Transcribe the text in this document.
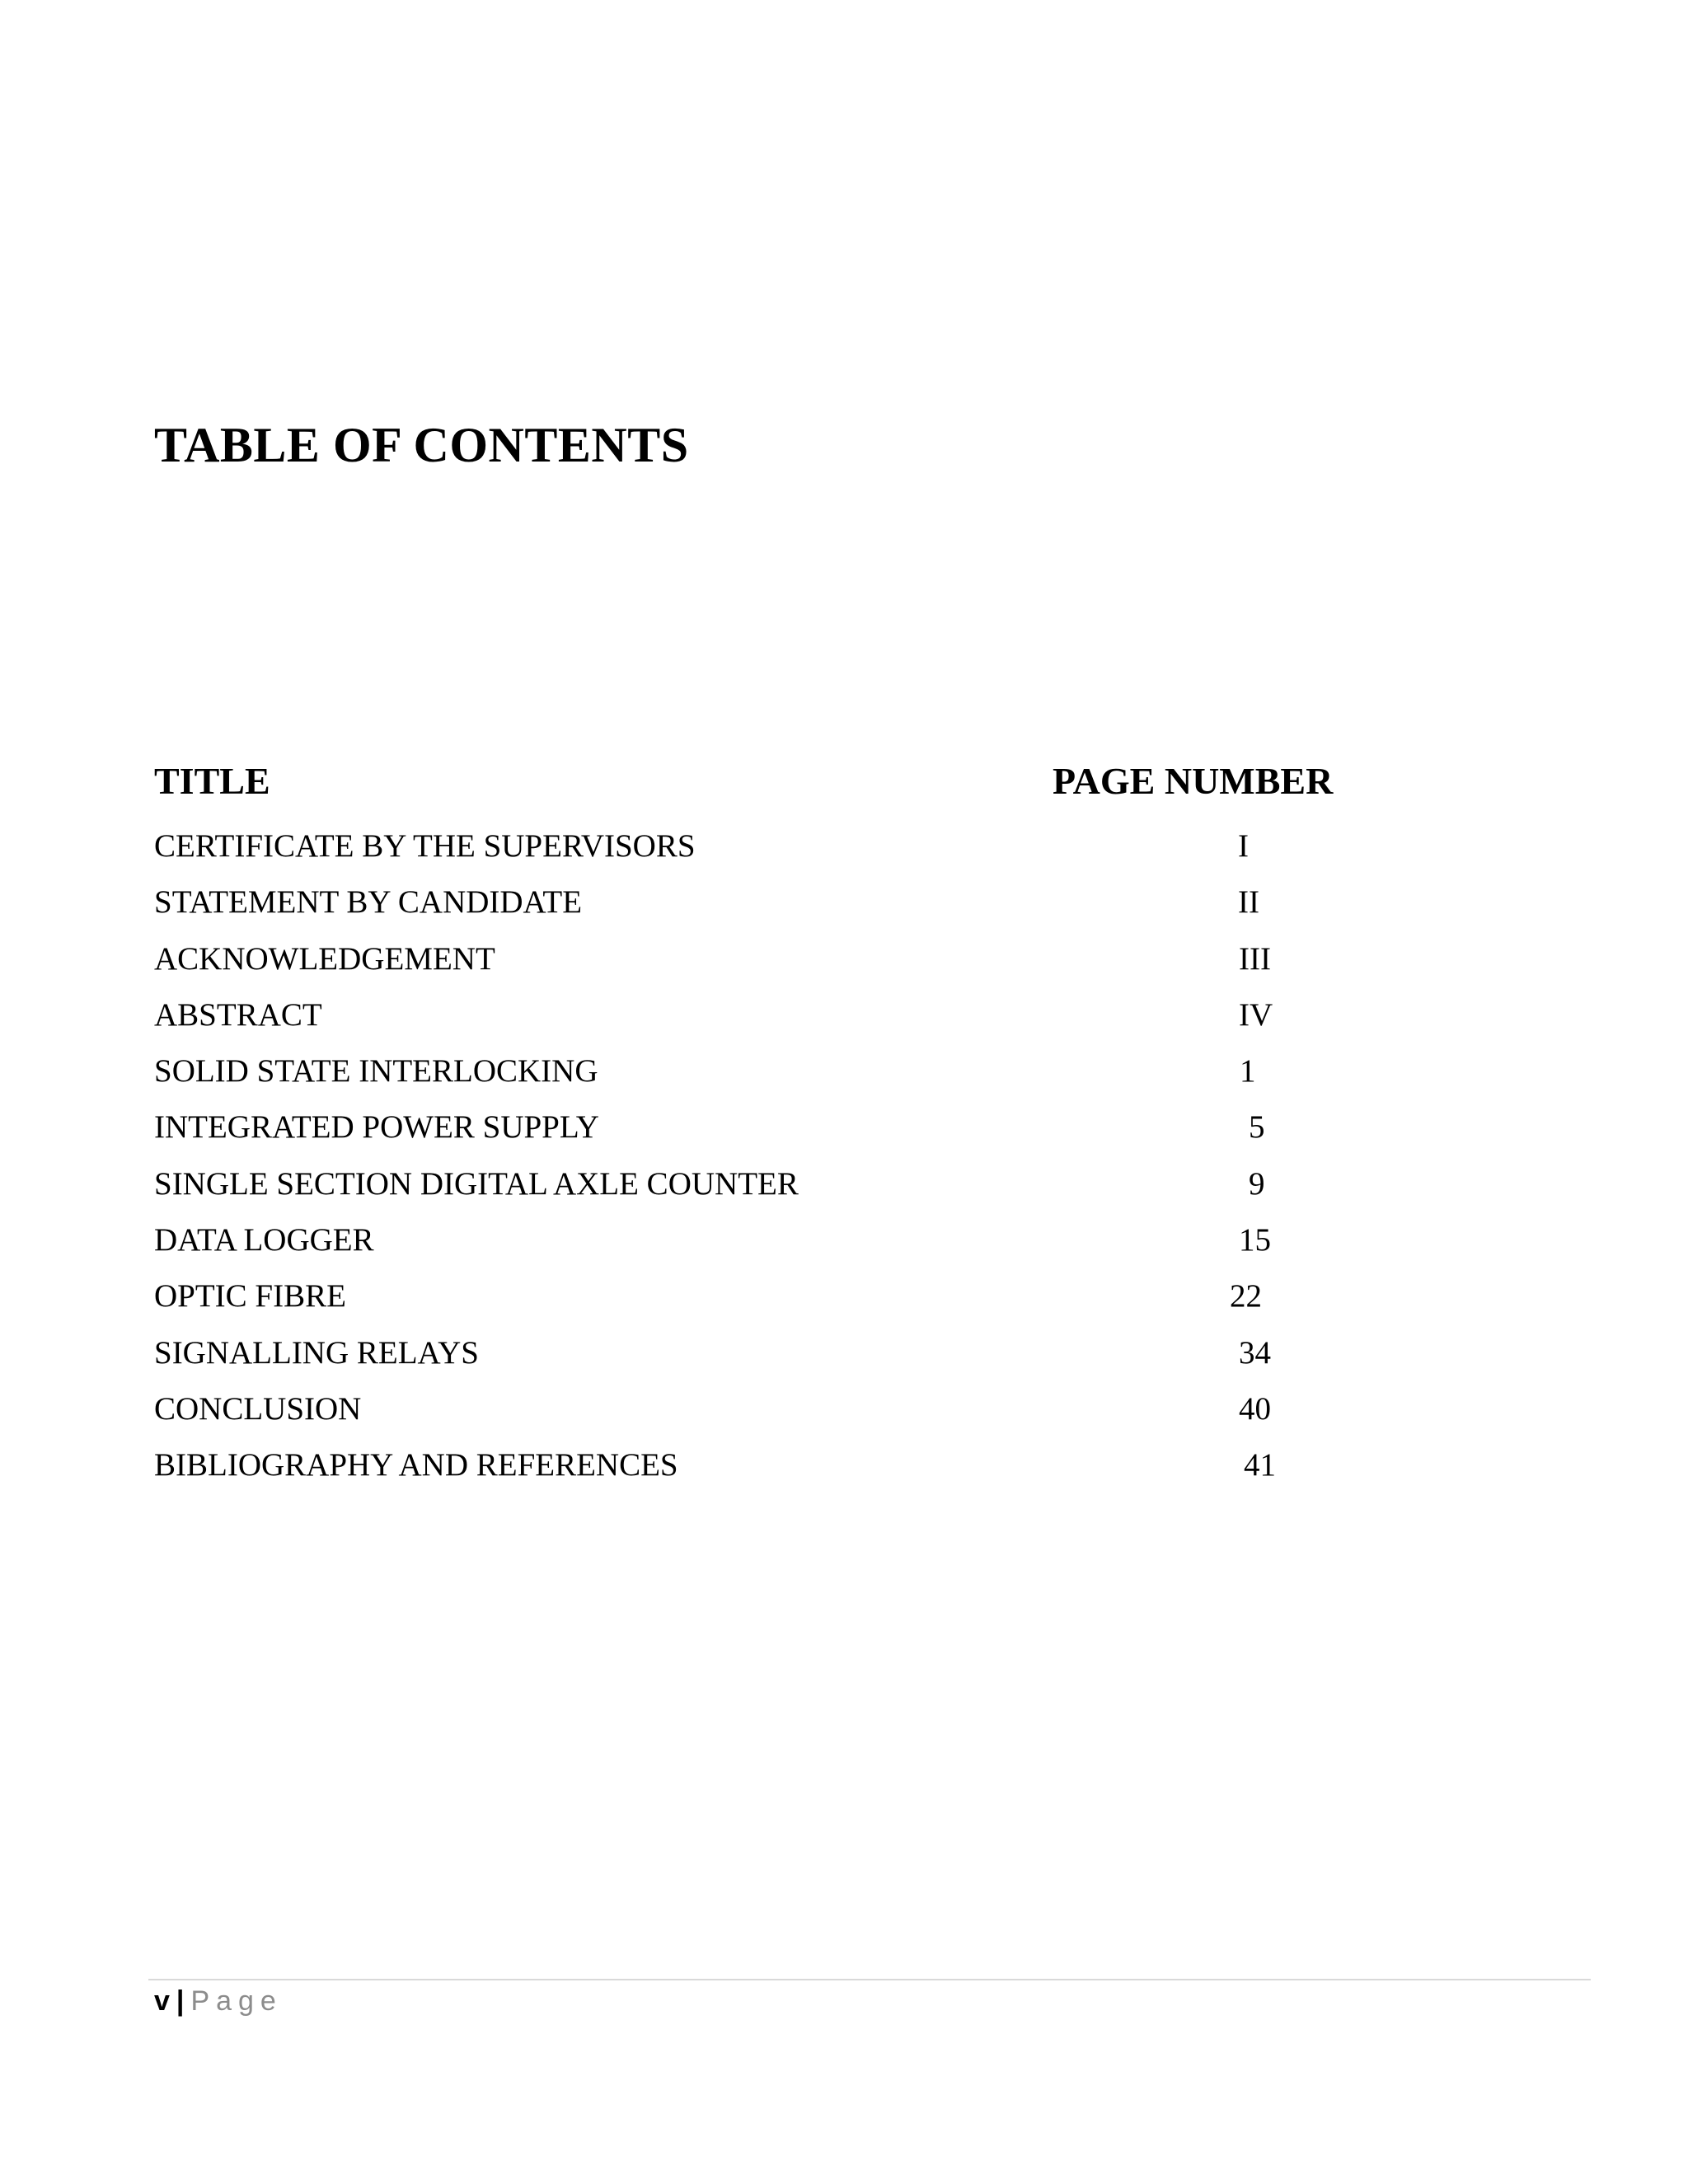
TABLE OF CONTENTS
TITLE	PAGE NUMBER
CERTIFICATE BY THE SUPERVISORS	I
STATEMENT BY CANDIDATE	II
ACKNOWLEDGEMENT	III
ABSTRACT	IV
SOLID STATE INTERLOCKING	1
INTEGRATED POWER SUPPLY	5
SINGLE SECTION DIGITAL AXLE COUNTER	9
DATA LOGGER	15
OPTIC FIBRE	22
SIGNALLING RELAYS	34
CONCLUSION	40
BIBLIOGRAPHY AND REFERENCES	41
v | Page
